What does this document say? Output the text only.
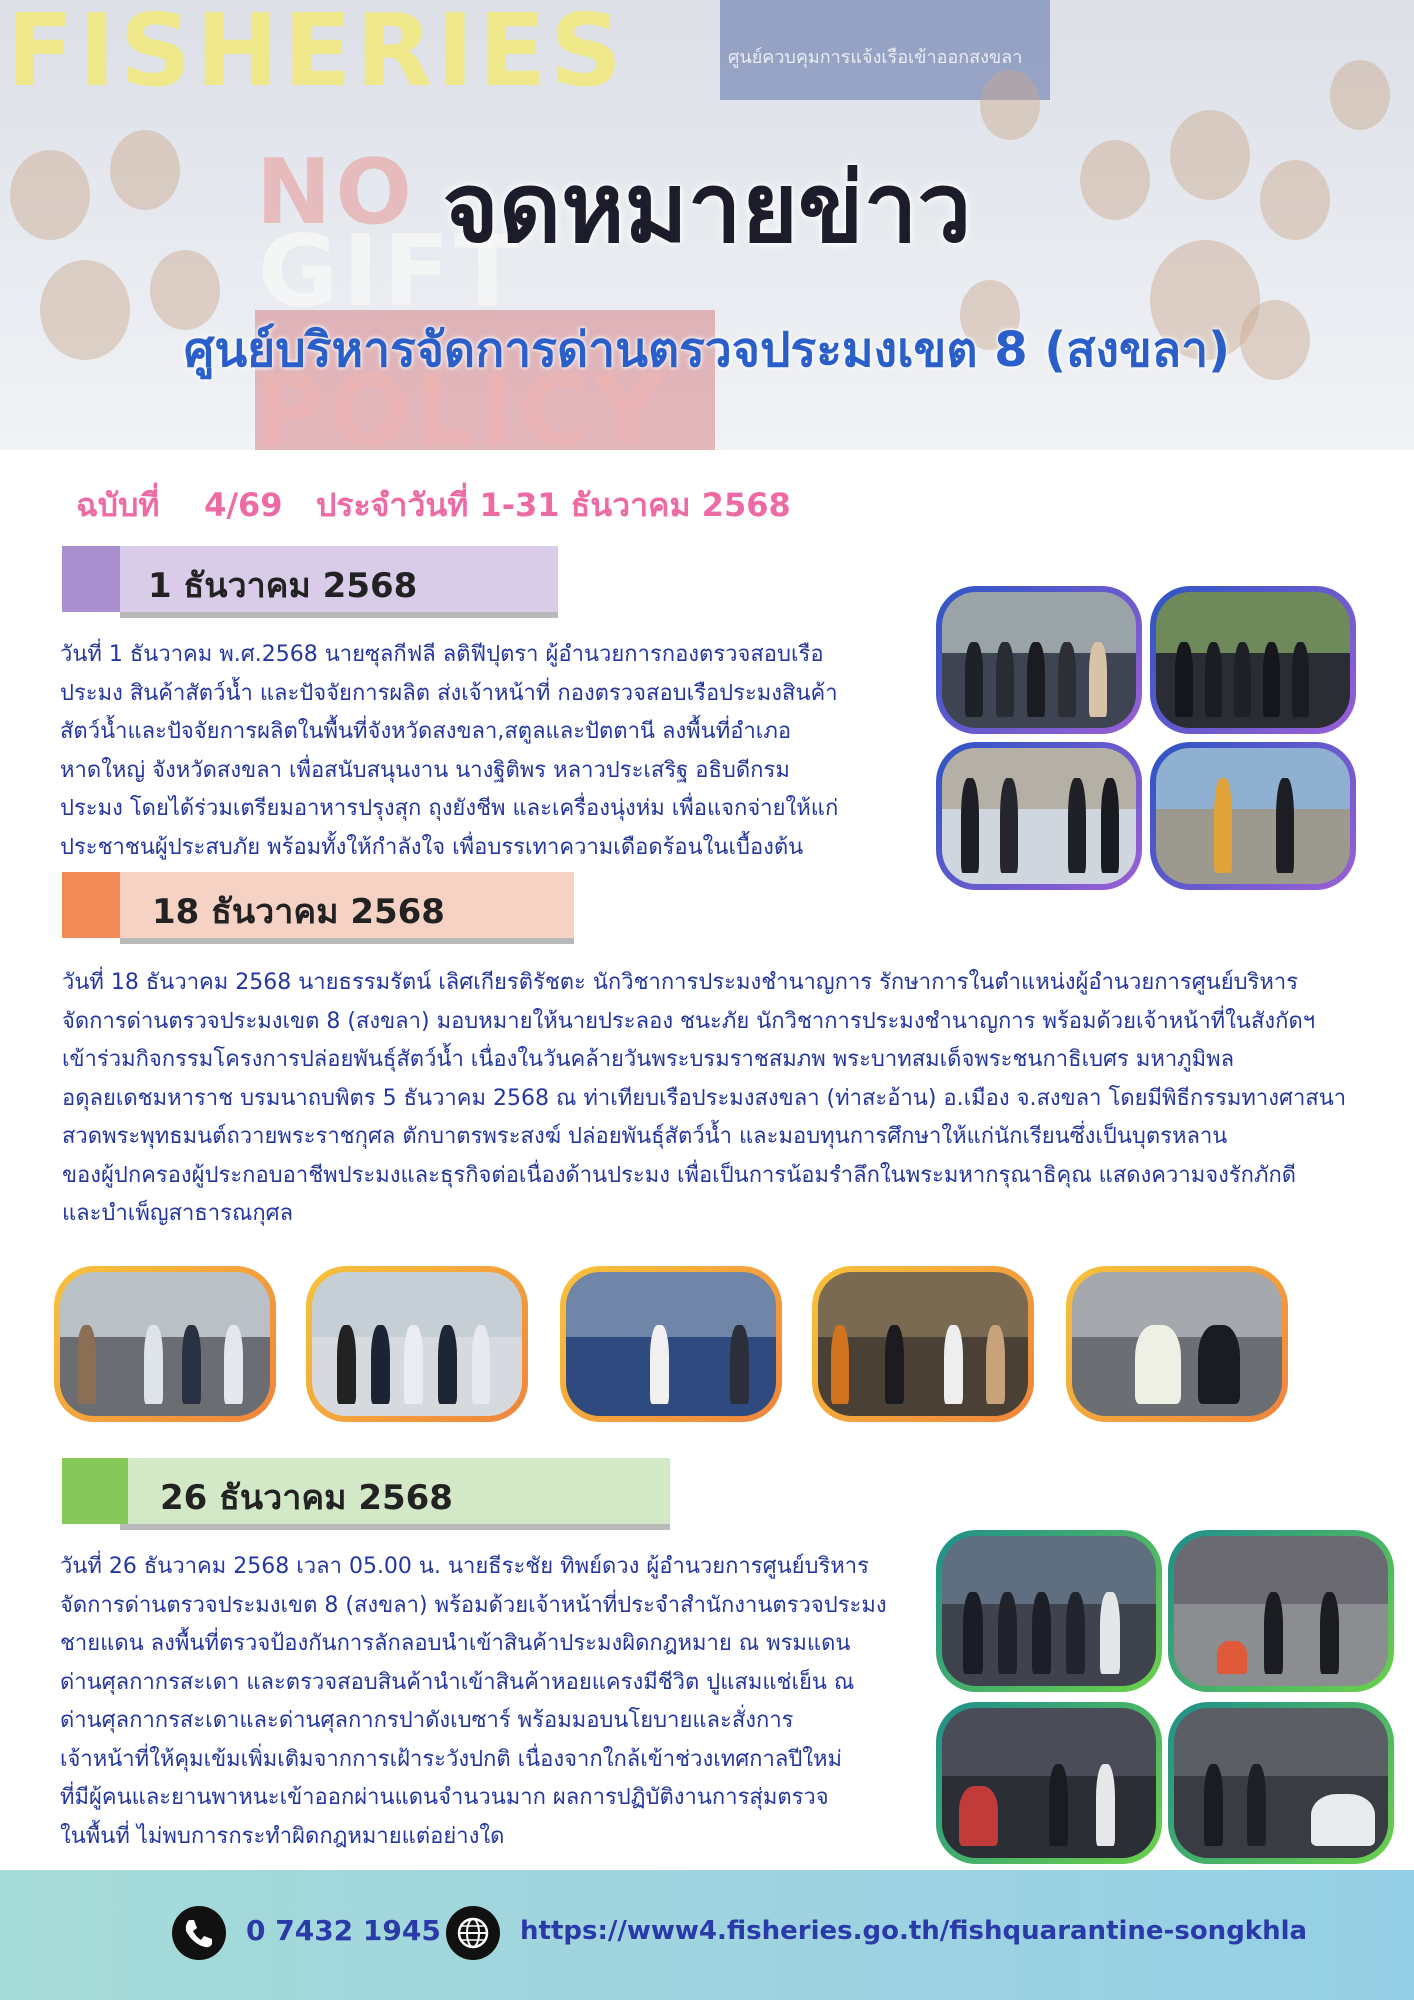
ศูนย์ควบคุมการแจ้งเรือเข้าออกสงขลา
FISHERIES
NO
GIFT
POLICY
จดหมายข่าว
ศูนย์บริหารจัดการด่านตรวจประมงเขต 8 (สงขลา)
ฉบับที่    4/69   ประจำวันที่ 1-31 ธันวาคม 2568
1 ธันวาคม 2568
วันที่ 1 ธันวาคม พ.ศ.2568 นายซุลกีฟลี ลติฟีปุตรา ผู้อำนวยการกองตรวจสอบเรือ
ประมง สินค้าสัตว์น้ำ และปัจจัยการผลิต ส่งเจ้าหน้าที่ กองตรวจสอบเรือประมงสินค้า
สัตว์น้ำและปัจจัยการผลิตในพื้นที่จังหวัดสงขลา,สตูลและปัตตานี ลงพื้นที่อำเภอ
หาดใหญ่ จังหวัดสงขลา เพื่อสนับสนุนงาน นางฐิติพร หลาวประเสริฐ อธิบดีกรม
ประมง โดยได้ร่วมเตรียมอาหารปรุงสุก ถุงยังชีพ และเครื่องนุ่งห่ม เพื่อแจกจ่ายให้แก่
ประชาชนผู้ประสบภัย พร้อมทั้งให้กำลังใจ เพื่อบรรเทาความเดือดร้อนในเบื้องต้น
18 ธันวาคม 2568
วันที่ 18 ธันวาคม 2568 นายธรรมรัตน์ เลิศเกียรติรัชตะ นักวิชาการประมงชำนาญการ รักษาการในตำแหน่งผู้อำนวยการศูนย์บริหาร
จัดการด่านตรวจประมงเขต 8 (สงขลา) มอบหมายให้นายประลอง ชนะภัย นักวิชาการประมงชำนาญการ พร้อมด้วยเจ้าหน้าที่ในสังกัดฯ
เข้าร่วมกิจกรรมโครงการปล่อยพันธุ์สัตว์น้ำ เนื่องในวันคล้ายวันพระบรมราชสมภพ พระบาทสมเด็จพระชนกาธิเบศร มหาภูมิพล
อดุลยเดชมหาราช บรมนาถบพิตร 5 ธันวาคม 2568 ณ ท่าเทียบเรือประมงสงขลา (ท่าสะอ้าน) อ.เมือง จ.สงขลา โดยมีพิธีกรรมทางศาสนา
สวดพระพุทธมนต์ถวายพระราชกุศล ตักบาตรพระสงฆ์ ปล่อยพันธุ์สัตว์น้ำ และมอบทุนการศึกษาให้แก่นักเรียนซึ่งเป็นบุตรหลาน
ของผู้ปกครองผู้ประกอบอาชีพประมงและธุรกิจต่อเนื่องด้านประมง เพื่อเป็นการน้อมรำลึกในพระมหากรุณาธิคุณ แสดงความจงรักภักดี
และบำเพ็ญสาธารณกุศล
26 ธันวาคม 2568
วันที่ 26 ธันวาคม 2568 เวลา 05.00 น. นายธีระชัย ทิพย์ดวง ผู้อำนวยการศูนย์บริหาร
จัดการด่านตรวจประมงเขต 8 (สงขลา) พร้อมด้วยเจ้าหน้าที่ประจำสำนักงานตรวจประมง
ชายแดน ลงพื้นที่ตรวจป้องกันการลักลอบนำเข้าสินค้าประมงผิดกฎหมาย ณ พรมแดน
ด่านศุลกากรสะเดา และตรวจสอบสินค้านำเข้าสินค้าหอยแครงมีชีวิต ปูแสมแช่เย็น ณ
ด่านศุลกากรสะเดาและด่านศุลกากรปาดังเบซาร์ พร้อมมอบนโยบายและสั่งการ
เจ้าหน้าที่ให้คุมเข้มเพิ่มเติมจากการเฝ้าระวังปกติ เนื่องจากใกล้เข้าช่วงเทศกาลปีใหม่
ที่มีผู้คนและยานพาหนะเข้าออกผ่านแดนจำนวนมาก ผลการปฏิบัติงานการสุ่มตรวจ
ในพื้นที่ ไม่พบการกระทำผิดกฎหมายแต่อย่างใด
0 7432 1945	https://www4.fisheries.go.th/fishquarantine-songkhla
